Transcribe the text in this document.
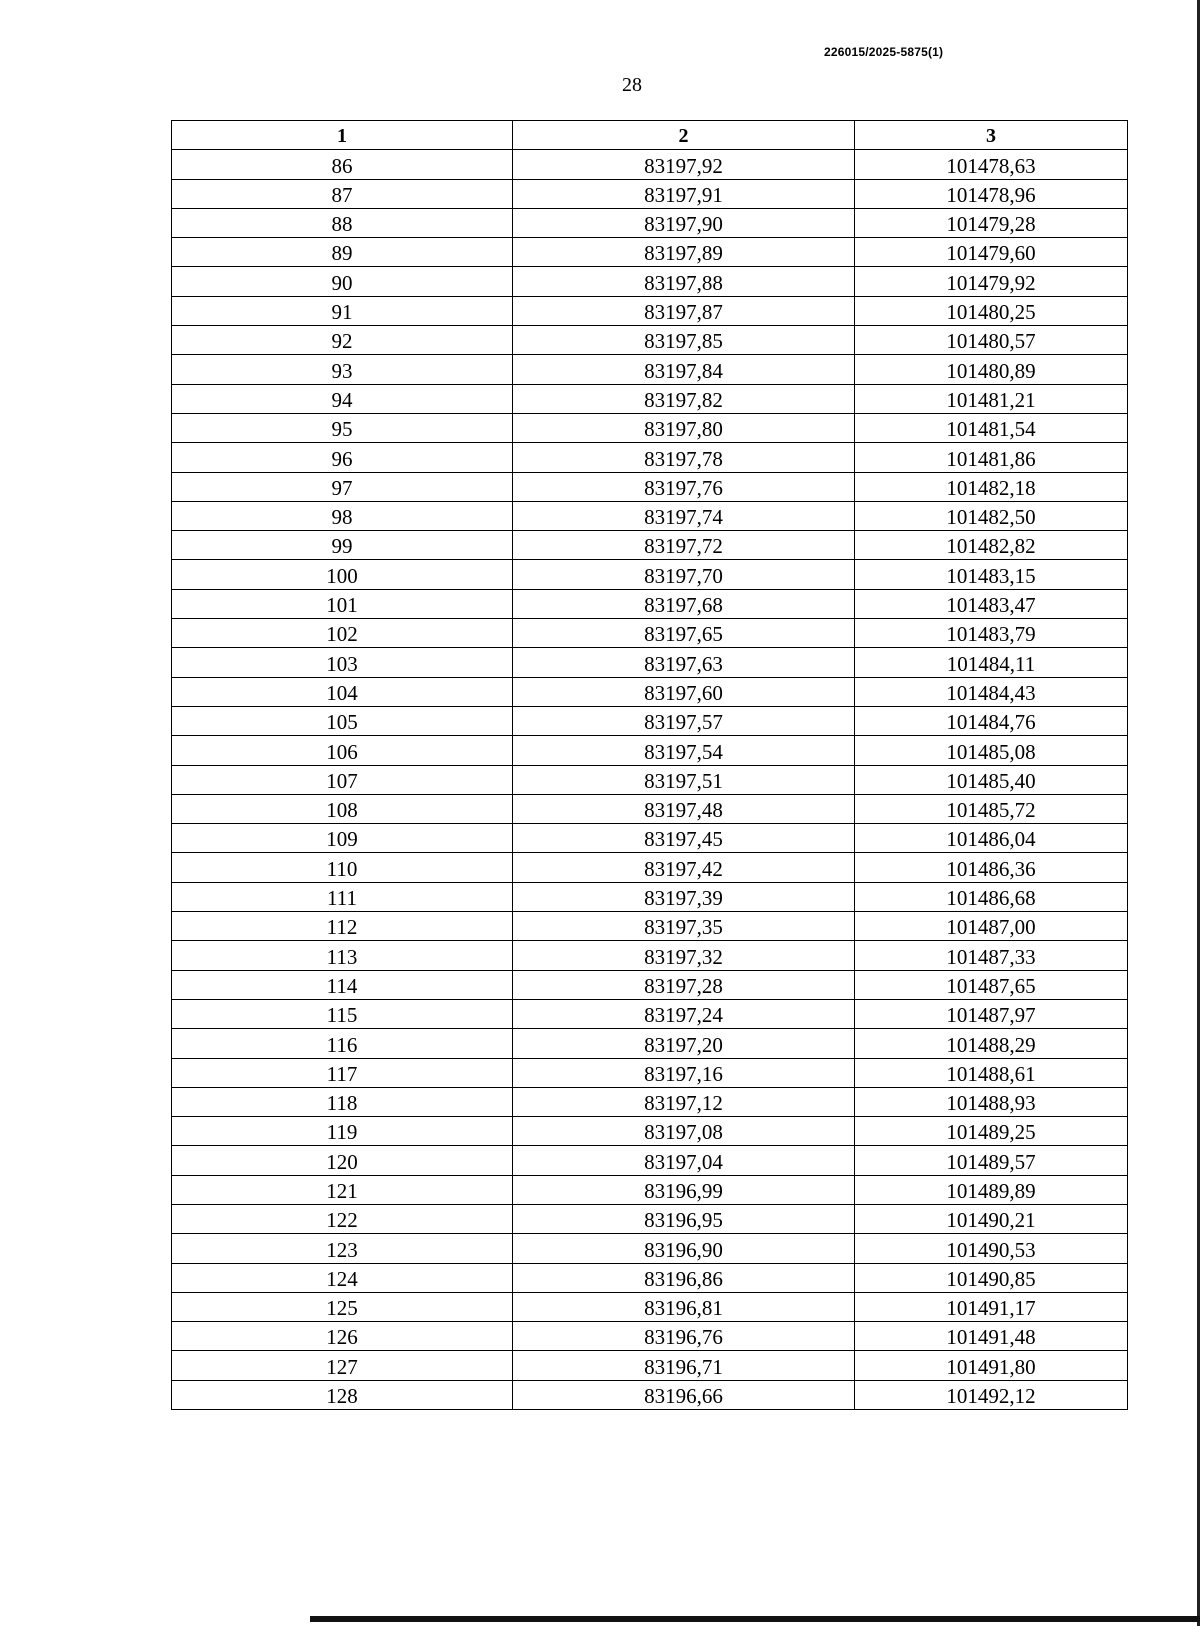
226015/2025-5875(1)
28
1	2	3
86	83197,92	101478,63
87	83197,91	101478,96
88	83197,90	101479,28
89	83197,89	101479,60
90	83197,88	101479,92
91	83197,87	101480,25
92	83197,85	101480,57
93	83197,84	101480,89
94	83197,82	101481,21
95	83197,80	101481,54
96	83197,78	101481,86
97	83197,76	101482,18
98	83197,74	101482,50
99	83197,72	101482,82
100	83197,70	101483,15
101	83197,68	101483,47
102	83197,65	101483,79
103	83197,63	101484,11
104	83197,60	101484,43
105	83197,57	101484,76
106	83197,54	101485,08
107	83197,51	101485,40
108	83197,48	101485,72
109	83197,45	101486,04
110	83197,42	101486,36
111	83197,39	101486,68
112	83197,35	101487,00
113	83197,32	101487,33
114	83197,28	101487,65
115	83197,24	101487,97
116	83197,20	101488,29
117	83197,16	101488,61
118	83197,12	101488,93
119	83197,08	101489,25
120	83197,04	101489,57
121	83196,99	101489,89
122	83196,95	101490,21
123	83196,90	101490,53
124	83196,86	101490,85
125	83196,81	101491,17
126	83196,76	101491,48
127	83196,71	101491,80
128	83196,66	101492,12
